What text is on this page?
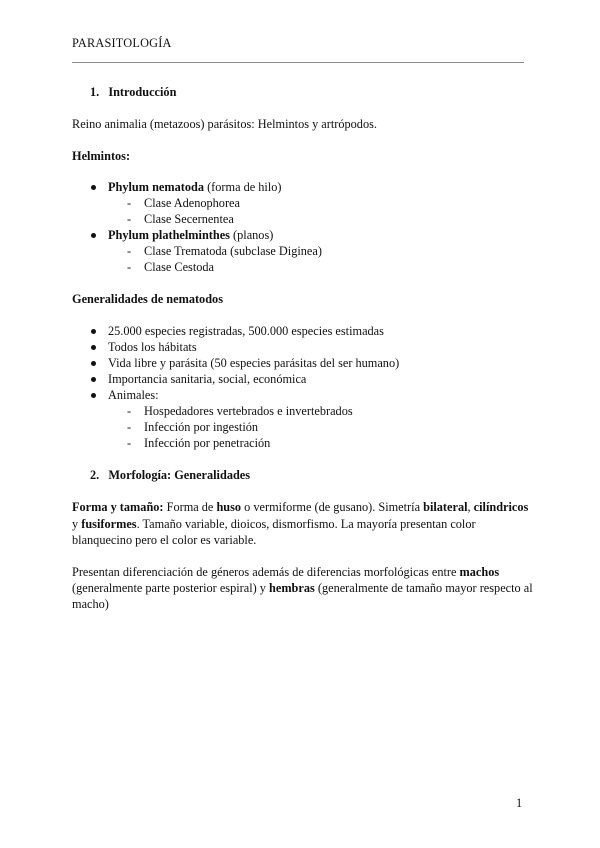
PARASITOLOGÍA
1. Introducción
Reino animalia (metazoos) parásitos: Helmintos y artrópodos.
Helmintos:
Phylum nematoda (forma de hilo)
- Clase Adenophorea
- Clase Secernentea
Phylum plathelminthes (planos)
- Clase Trematoda (subclase Diginea)
- Clase Cestoda
Generalidades de nematodos
25.000 especies registradas, 500.000 especies estimadas
Todos los hábitats
Vida libre y parásita (50 especies parásitas del ser humano)
Importancia sanitaria, social, económica
Animales:
- Hospedadores vertebrados e invertebrados
- Infección por ingestión
- Infección por penetración
2. Morfología: Generalidades
Forma y tamaño: Forma de huso o vermiforme (de gusano). Simetría bilateral, cilíndricos
y fusiformes. Tamaño variable, dioicos, dismorfismo. La mayoría presentan color
blanquecino pero el color es variable.
Presentan diferenciación de géneros además de diferencias morfológicas entre machos
(generalmente parte posterior espiral) y hembras (generalmente de tamaño mayor respecto al
macho)
1
